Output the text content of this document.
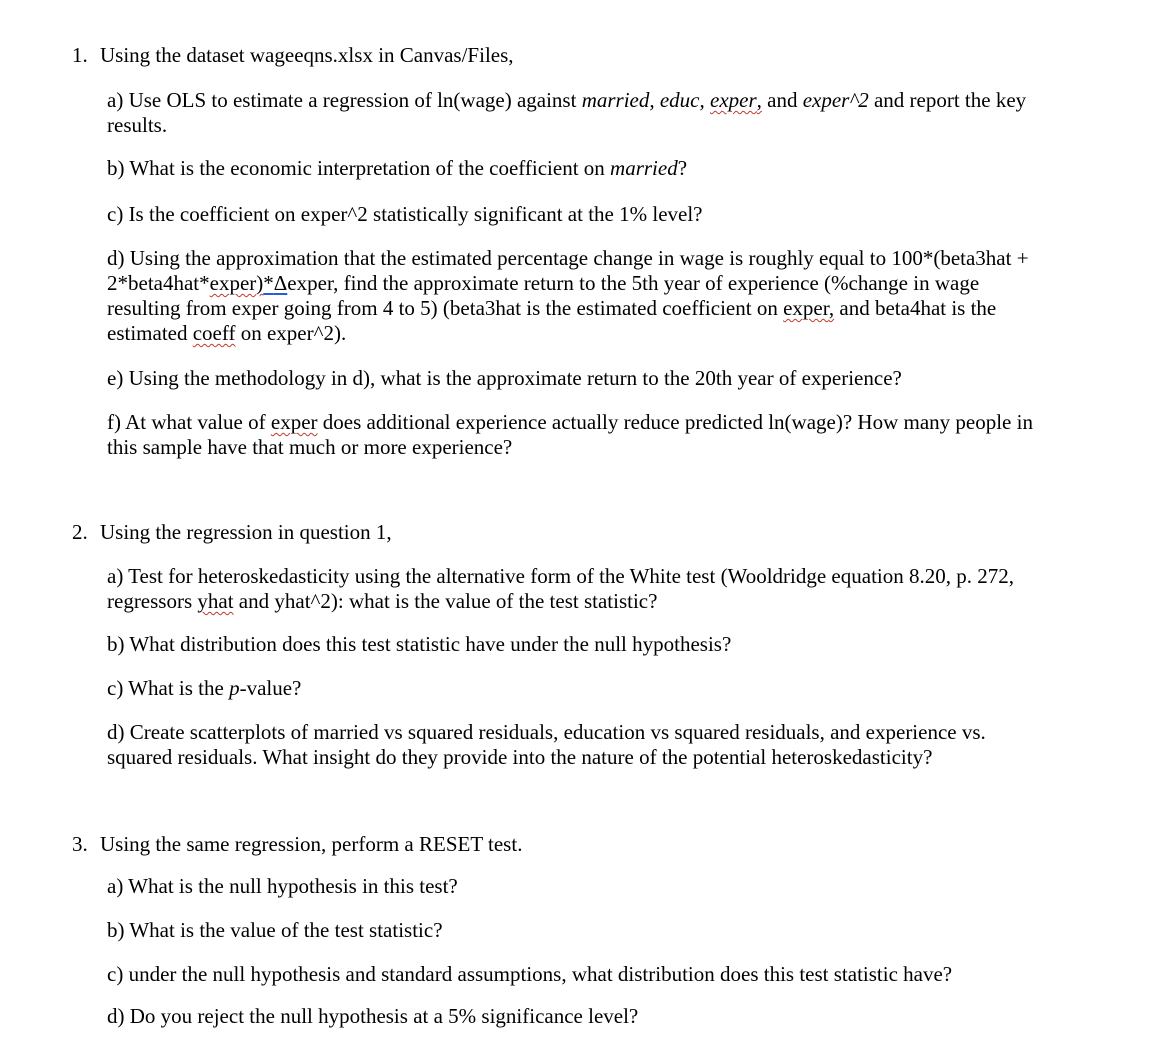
1. Using the dataset wageeqns.xlsx in Canvas/Files,

a) Use OLS to estimate a regression of ln(wage) against married, educ, exper, and exper^2 and report the key
results.

b) What is the economic interpretation of the coefficient on married?

c) Is the coefficient on exper^2 statistically significant at the 1% level?

d) Using the approximation that the estimated percentage change in wage is roughly equal to 100*(beta3hat +
2*beta4hat*exper)*Δexper, find the approximate return to the 5th year of experience (%change in wage
resulting from exper going from 4 to 5) (beta3hat is the estimated coefficient on exper, and beta4hat is the
estimated coeff on exper^2).

e) Using the methodology in d), what is the approximate return to the 20th year of experience?

f) At what value of exper does additional experience actually reduce predicted ln(wage)? How many people in
this sample have that much or more experience?

2. Using the regression in question 1,

a) Test for heteroskedasticity using the alternative form of the White test (Wooldridge equation 8.20, p. 272,
regressors yhat and yhat^2): what is the value of the test statistic?

b) What distribution does this test statistic have under the null hypothesis?

c) What is the p-value?

d) Create scatterplots of married vs squared residuals, education vs squared residuals, and experience vs.
squared residuals. What insight do they provide into the nature of the potential heteroskedasticity?

3. Using the same regression, perform a RESET test.

a) What is the null hypothesis in this test?

b) What is the value of the test statistic?

c) under the null hypothesis and standard assumptions, what distribution does this test statistic have?

d) Do you reject the null hypothesis at a 5% significance level?
